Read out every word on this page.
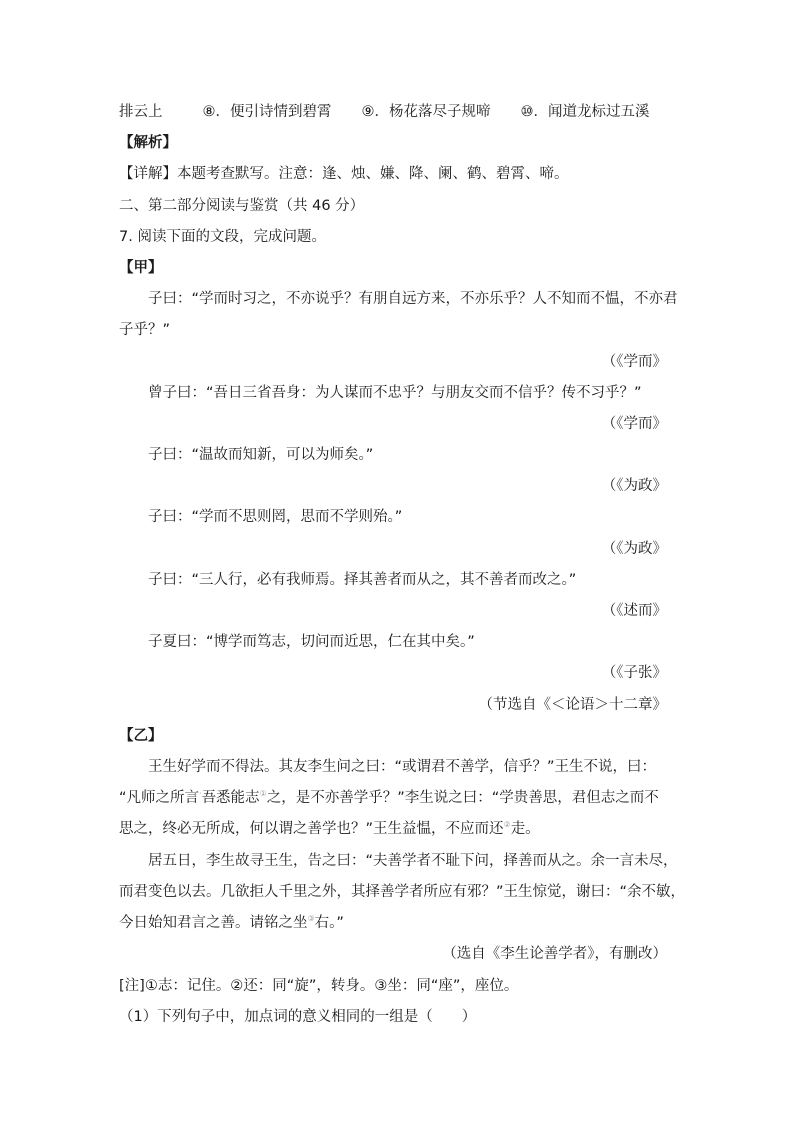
排云上	⑧．便引诗情到碧霄 ⑨．杨花落尽子规啼 ⑩．闻道龙标过五溪
【解析】
【详解】本题考查默写。注意：逢、烛、嫌、降、阑、鹤、碧霄、啼。
二、第二部分阅读与鉴赏（共 46 分）
7. 阅读下面的文段，完成问题。
【甲】
子曰：“学而时习之，不亦说乎？有朋自远方来，不亦乐乎？人不知而不愠，不亦君
子乎？”
（《学而》
曾子曰：“吾日三省吾身：为人谋而不忠乎？与朋友交而不信乎？传不习乎？”
（《学而》
子曰：“温故而知新，可以为师矣。”
（《为政》
子曰：“学而不思则罔，思而不学则殆。”
（《为政》
子曰：“三人行，必有我师焉。择其善者而从之，其不善者而改之。”
（《述而》
子夏曰：“博学而笃志，切问而近思，仁在其中矣。”
（《子张》
（节选自《＜论语＞十二章》
【乙】
王生好学而不得法。其友李生问之曰：“或谓君不善学，信乎？”王生不说，曰：
“凡师之所言·吾悉能志①之，是不亦善学乎？”李生说之曰：“学贵善思，君但志之而不
思之，终必无所成，何以谓之善学也？”王生益愠，不应而还②走。
居五日，李生故寻王生，告之曰：“夫善学者不耻下问，择善而从之。余一言未尽，
而君变色以去。几欲拒人千里之外，其择善学者所应有邪？”王生惊觉，谢曰：“余不敏，
今日始知君言之善。请铭之坐③右。”
（选自《李生论善学者》，有删改）
[注]①志：记住。②还：同“旋”，转身。③坐：同“座”，座位。
（1）下列句子中，加点词的意义相同的一组是（　　）
